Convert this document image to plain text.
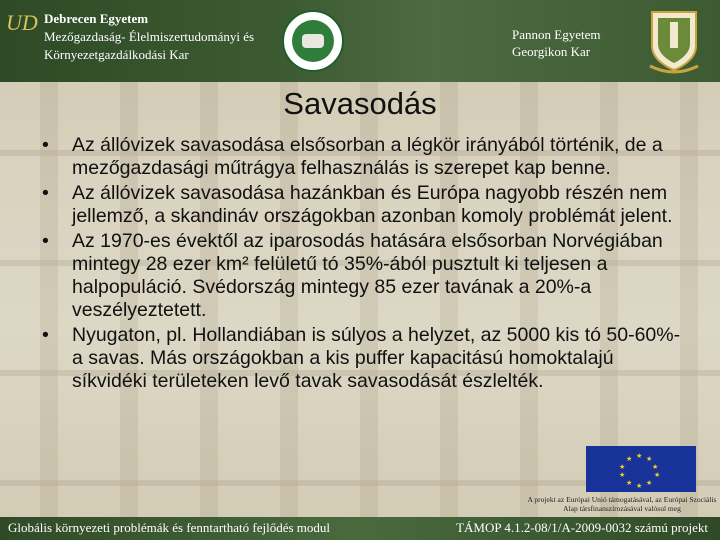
UD Debrecen Egyetem
Mezőgazdaság- Élelmiszertudományi és
Környezetgazdálkodási Kar
Pannon Egyetem
Georgikon Kar
Savasodás
• Az állóvizek savasodása elsősorban a légkör irányából történik, de a mezőgazdasági műtrágya felhasználás is szerepet kap benne.
• Az állóvizek savasodása hazánkban és Európa nagyobb részén nem jellemző, a skandináv országokban azonban komoly problémát jelent.
• Az 1970-es évektől az iparosodás hatására elsősorban Norvégiában mintegy 28 ezer km² felületű tó 35%-ából pusztult ki teljesen a halpopuláció. Svédország mintegy 85 ezer tavának a 20%-a veszélyeztetett.
• Nyugaton, pl. Hollandiában is súlyos a helyzet, az 5000 kis tó 50-60%-a savas. Más országokban a kis puffer kapacitású homoktalajú síkvidéki területeken levő tavak savasodását észlelték.
★ ★
★
★
★
★
★
★
★
★
A projekt az Európai Unió támogatásával, az Európai Szociális Alap társfinanszírozásával valósul meg
Globális környezeti problémák és fenntartható fejlődés modul	TÁMOP 4.1.2-08/1/A-2009-0032 számú projekt
